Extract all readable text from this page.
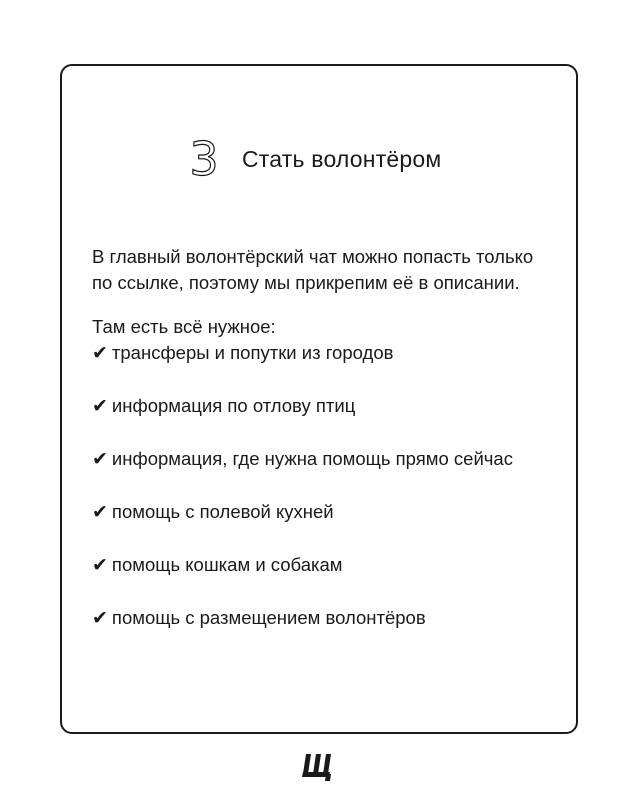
3	Стать волонтёром

В главный волонтёрский чат можно попасть только по ссылке, поэтому мы прикрепим её в описании.

Там есть всё нужное:

✔ трансферы и попутки из городов
✔ информация по отлову птиц
✔ информация, где нужна помощь прямо сейчас
✔ помощь с полевой кухней
✔ помощь кошкам и собакам
✔ помощь с размещением волонтёров
